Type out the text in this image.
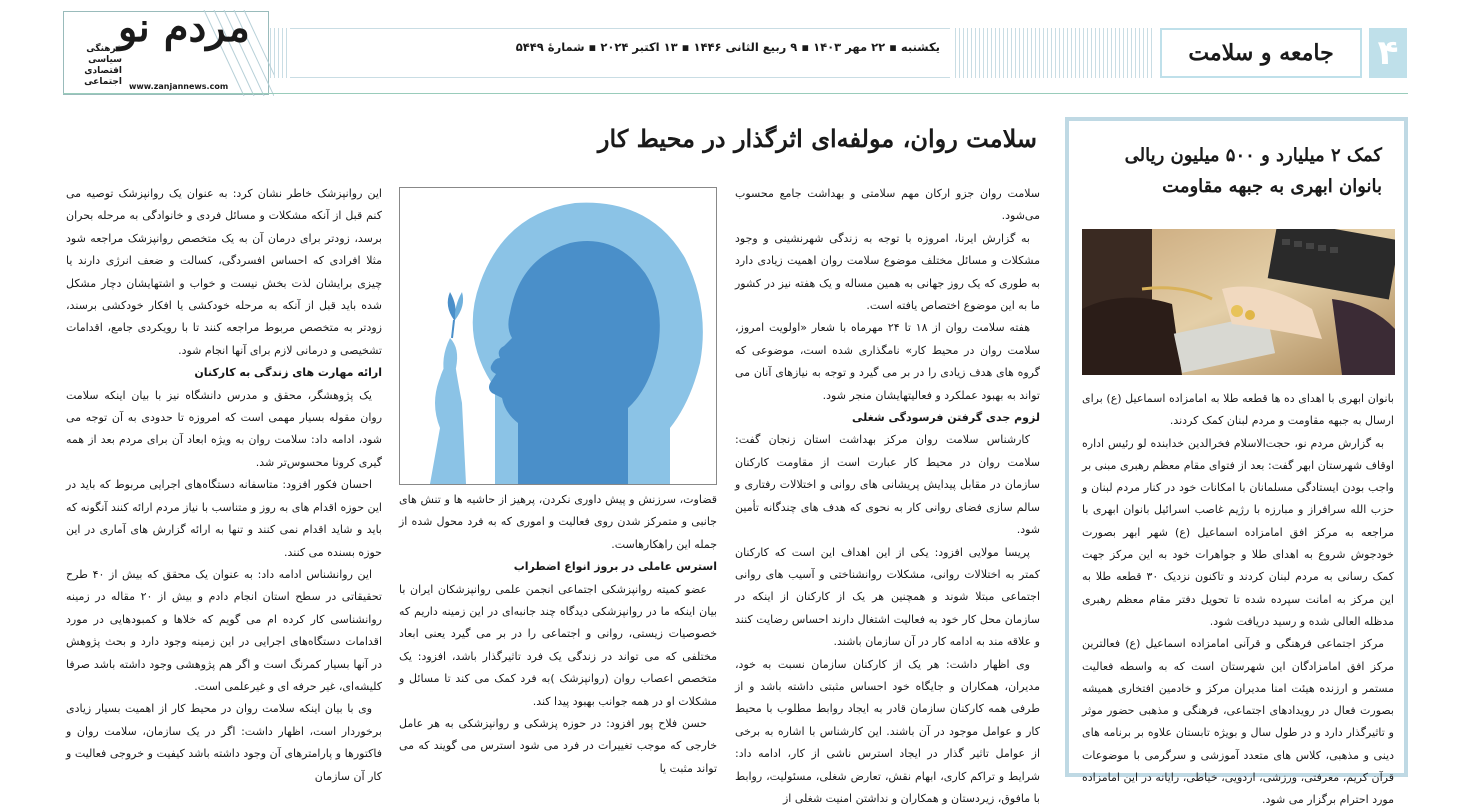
۴
جامعه و سلامت
یکشنبه ▪ ۲۲ مهر ۱۴۰۳ ▪ ۹ ربیع الثانی ۱۴۴۶ ▪ ۱۳ اکتبر ۲۰۲۴ ▪ شمارهٔ ۵۴۴۹
مردم نو
فرهنگی
سیاسی
اقتصادی
اجتماعی www.zanjannews.com
کمک ۲ میلیارد و ۵۰۰ میلیون ریالی
بانوان ابهری به جبهه مقاومت
بانوان ابهری با اهدای ده ها قطعه طلا به امامزاده اسماعیل (ع) برای ارسال به جبهه مقاومت و مردم لبنان کمک کردند.
به گزارش مردم نو، حجت‌الاسلام فخرالدین خدابنده لو رئیس اداره اوقاف شهرستان ابهر گفت: بعد از فتوای مقام معظم رهبری مبنی بر واجب بودن ایستادگی مسلمانان با امکانات خود در کنار مردم لبنان و حزب الله سرافراز و مبارزه با رژیم غاصب اسرائیل بانوان ابهری با مراجعه به مرکز افق امامزاده اسماعیل (ع) شهر ابهر بصورت خودجوش شروع به اهدای طلا و جواهرات خود به این مرکز جهت کمک رسانی به مردم لبنان کردند و تاکنون نزدیک ۳۰ قطعه طلا به این مرکز به امانت سپرده شده تا تحویل دفتر مقام معظم رهبری مدظله العالی شده و رسید دریافت شود.
مرکز اجتماعی فرهنگی و قرآنی امامزاده اسماعیل (ع) فعالترین مرکز افق امامزادگان این شهرستان است که به واسطه فعالیت مستمر و ارزنده هیئت امنا مدیران مرکز و خادمین افتخاری همیشه بصورت فعال در رویدادهای اجتماعی، فرهنگی و مذهبی حضور موثر و تاثیرگذار دارد و در طول سال و بویژه تابستان علاوه بر برنامه های دینی و مذهبی، کلاس های متعدد آموزشی و سرگرمی با موضوعات قرآن کریم، معرفتی، ورزشی، اردویی، خیاطی، رایانه در این امامزاده مورد احترام برگزار می شود.
سلامت روان، مولفه‌ای اثرگذار در محیط کار

سلامت روان جزو ارکان مهم سلامتی و بهداشت جامع محسوب می‌شود.

به گزارش ایرنا، امروزه با توجه به زندگی شهرنشینی و وجود مشکلات و مسائل مختلف موضوع سلامت روان اهمیت زیادی دارد به طوری که یک روز جهانی به همین مساله و یک هفته نیز در کشور ما به این موضوع اختصاص یافته است.

هفته سلامت روان از ۱۸ تا ۲۴ مهرماه با شعار «اولویت امروز، سلامت روان در محیط کار» نامگذاری شده است، موضوعی که گروه های هدف زیادی را در بر می گیرد و توجه به نیازهای آنان می تواند به بهبود عملکرد و فعالیتهایشان منجر شود.

لزوم جدی گرفتن فرسودگی شغلی

کارشناس سلامت روان مرکز بهداشت استان زنجان گفت: سلامت روان در محیط کار عبارت است از مقاومت کارکنان سازمان در مقابل پیدایش پریشانی های روانی و اختلالات رفتاری و سالم سازی فضای روانی کار به نحوی که هدف های چندگانه تأمین شود.

پریسا مولایی افزود: یکی از این اهداف این است که کارکنان کمتر به اختلالات روانی، مشکلات روانشناختی و آسیب های روانی اجتماعی مبتلا شوند و همچنین هر یک از کارکنان از اینکه در سازمان محل کار خود به فعالیت اشتغال دارند احساس رضایت کنند و علاقه مند به ادامه کار در آن سازمان باشند.

وی اظهار داشت: هر یک از کارکنان سازمان نسبت به خود، مدیران، همکاران و جایگاه خود احساس مثبتی داشته باشد و از طرفی همه کارکنان سازمان قادر به ایجاد روابط مطلوب با محیط کار و عوامل موجود در آن باشند. این کارشناس با اشاره به برخی از عوامل تاثیر گذار در ایجاد استرس ناشی از کار، ادامه داد: شرایط و تراکم کاری، ابهام نقش، تعارض شغلی، مسئولیت، روابط با مافوق، زیردستان و همکاران و نداشتن امنیت شغلی از

قضاوت، سرزنش و پیش داوری نکردن، پرهیز از حاشیه ها و تنش های جانبی و متمرکز شدن روی فعالیت و اموری که به فرد محول شده از جمله این راهکارهاست.

استرس عاملی در بروز انواع اضطراب

عضو کمیته روانپزشکی اجتماعی انجمن علمی روانپزشکان ایران با بیان اینکه ما در روانپزشکی دیدگاه چند جانبه‌ای در این زمینه داریم که خصوصیات زیستی، روانی و اجتماعی را در بر می گیرد یعنی ابعاد مختلفی که می تواند در زندگی یک فرد تاثیرگذار باشد، افزود: یک متخصص اعصاب روان (روانپزشک )به فرد کمک می کند تا مسائل و مشکلات او در همه جوانب بهبود پیدا کند.

حسن فلاح پور افزود: در حوزه پزشکی و روانپزشکی به هر عامل خارجی که موجب تغییرات در فرد می شود استرس می گویند که می تواند مثبت یا

این روانپزشک خاطر نشان کرد: به عنوان یک روانپزشک توصیه می کنم قبل از آنکه مشکلات و مسائل فردی و خانوادگی به مرحله بحران برسد، زودتر برای درمان آن به یک متخصص روانپزشک مراجعه شود مثلا افرادی که احساس افسردگی، کسالت و ضعف انرژی دارند یا چیزی برایشان لذت بخش نیست و خواب و اشتهایشان دچار مشکل شده باید قبل از آنکه به مرحله خودکشی یا افکار خودکشی برسند، زودتر به متخصص مربوط مراجعه کنند تا با رویکردی جامع، اقدامات تشخیصی و درمانی لازم برای آنها انجام شود.

ارائه مهارت های زندگی به کارکنان

یک پژوهشگر، محقق و مدرس دانشگاه نیز با بیان اینکه سلامت روان مقوله بسیار مهمی است که امروزه تا حدودی به آن توجه می شود، ادامه داد: سلامت روان به ویژه ابعاد آن برای مردم بعد از همه گیری کرونا محسوس‌تر شد.

احسان فکور افزود: متاسفانه دستگاه‌های اجرایی مربوط که باید در این حوزه اقدام های به روز و متناسب با نیاز مردم ارائه کنند آنگونه که باید و شاید اقدام نمی کنند و تنها به ارائه گزارش های آماری در این حوزه بسنده می کنند.

این روانشناس ادامه داد: به عنوان یک محقق که بیش از ۴۰ طرح تحقیقاتی در سطح استان انجام دادم و بیش از ۲۰ مقاله در زمینه روانشناسی کار کرده ام می گویم که خلاها و کمبودهایی در مورد اقدامات دستگاه‌های اجرایی در این زمینه وجود دارد و بحث پژوهش در آنها بسیار کمرنگ است و اگر هم پژوهشی وجود داشته باشد صرفا کلیشه‌ای، غیر حرفه ای و غیرعلمی است.

وی با بیان اینکه سلامت روان در محیط کار از اهمیت بسیار زیادی برخوردار است، اظهار داشت: اگر در یک سازمان، سلامت روان و فاکتورها و پارامترهای آن وجود داشته باشد کیفیت و خروجی فعالیت و کار آن سازمان
